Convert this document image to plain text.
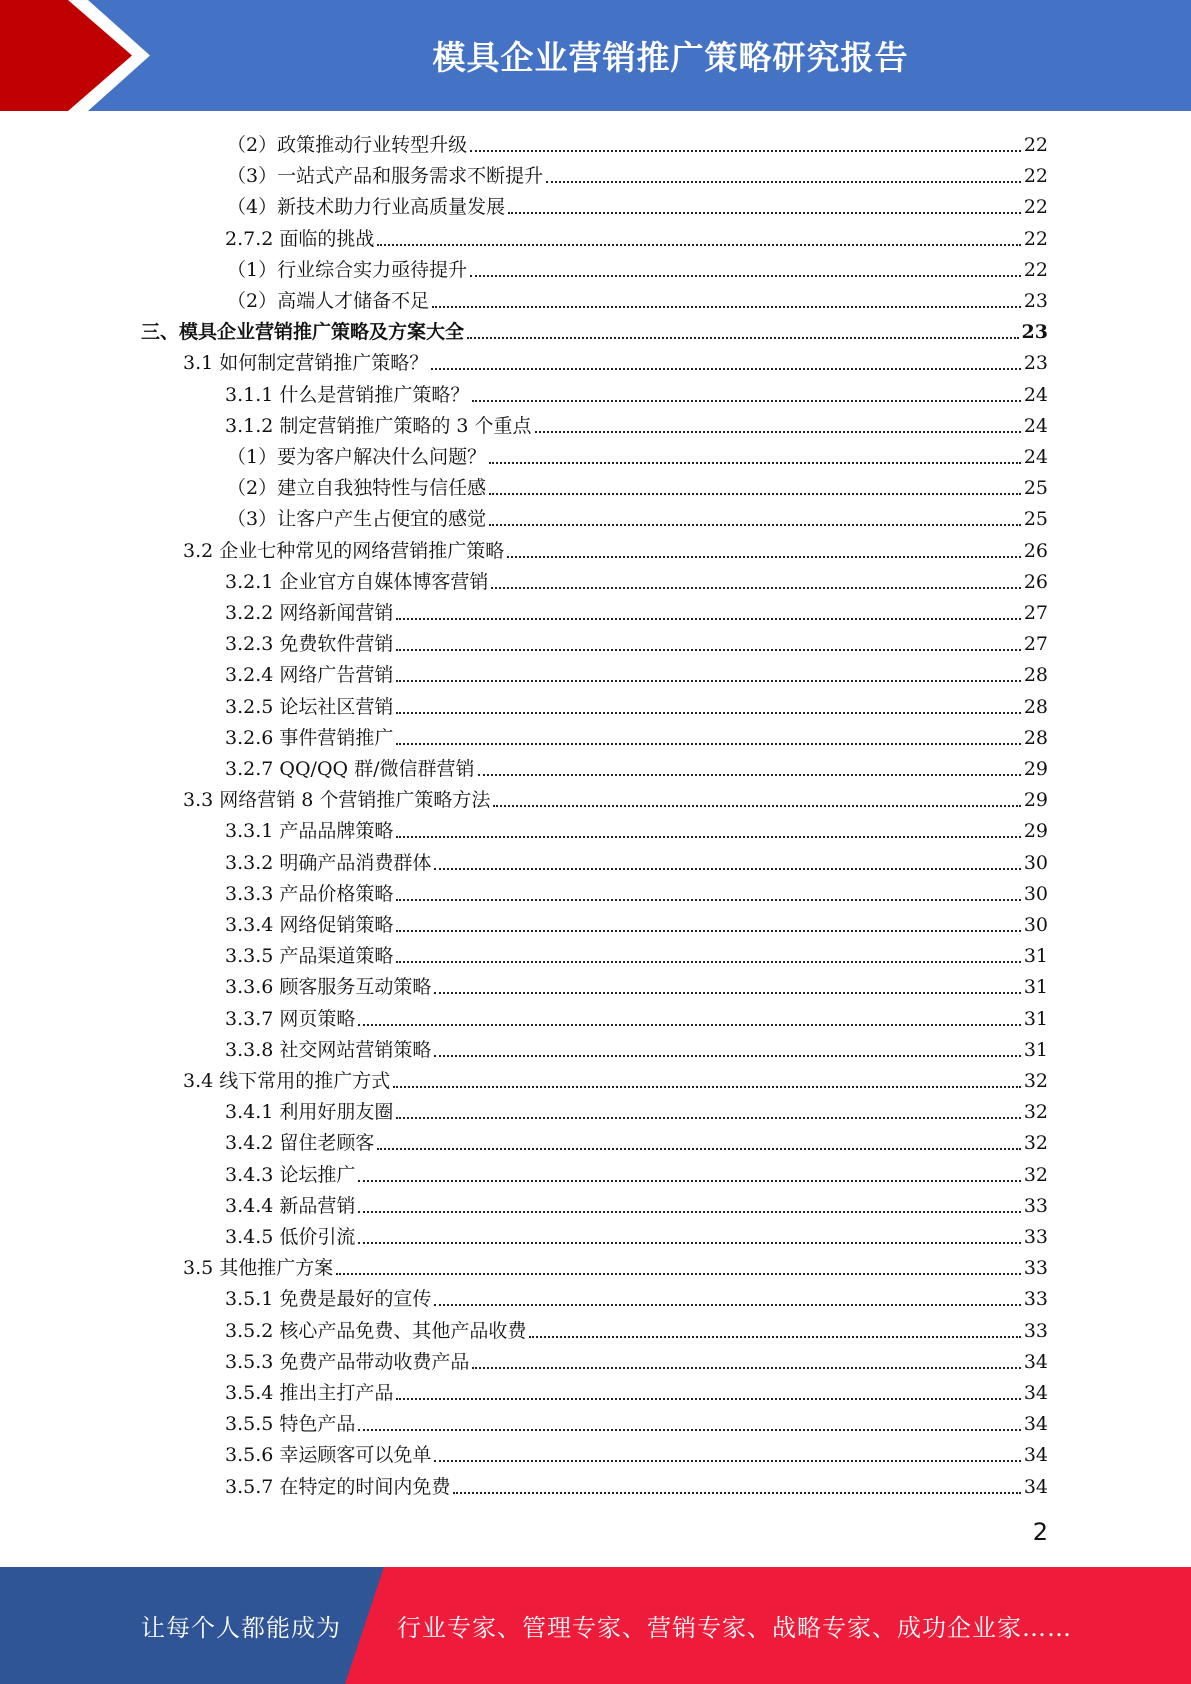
模具企业营销推广策略研究报告
（2）政策推动行业转型升级	22
（3）一站式产品和服务需求不断提升	22
（4）新技术助力行业高质量发展	22
2.7.2 面临的挑战	22
（1）行业综合实力亟待提升	22
（2）高端人才储备不足	23
三、模具企业营销推广策略及方案大全	23
3.1 如何制定营销推广策略？	23
3.1.1 什么是营销推广策略？	24
3.1.2 制定营销推广策略的 3 个重点	24
（1）要为客户解决什么问题？	24
（2）建立自我独特性与信任感	25
（3）让客户产生占便宜的感觉	25
3.2 企业七种常见的网络营销推广策略	26
3.2.1 企业官方自媒体博客营销	26
3.2.2 网络新闻营销	27
3.2.3 免费软件营销	27
3.2.4 网络广告营销	28
3.2.5 论坛社区营销	28
3.2.6 事件营销推广	28
3.2.7 QQ/QQ 群/微信群营销	29
3.3 网络营销 8 个营销推广策略方法	29
3.3.1 产品品牌策略	29
3.3.2 明确产品消费群体	30
3.3.3 产品价格策略	30
3.3.4 网络促销策略	30
3.3.5 产品渠道策略	31
3.3.6 顾客服务互动策略	31
3.3.7 网页策略	31
3.3.8 社交网站营销策略	31
3.4 线下常用的推广方式	32
3.4.1 利用好朋友圈	32
3.4.2 留住老顾客	32
3.4.3 论坛推广	32
3.4.4 新品营销	33
3.4.5 低价引流	33
3.5 其他推广方案	33
3.5.1 免费是最好的宣传	33
3.5.2 核心产品免费、其他产品收费	33
3.5.3 免费产品带动收费产品	34
3.5.4 推出主打产品	34
3.5.5 特色产品	34
3.5.6 幸运顾客可以免单	34
3.5.7 在特定的时间内免费	34
2
让每个人都能成为 行业专家、管理专家、营销专家、战略专家、成功企业家……
